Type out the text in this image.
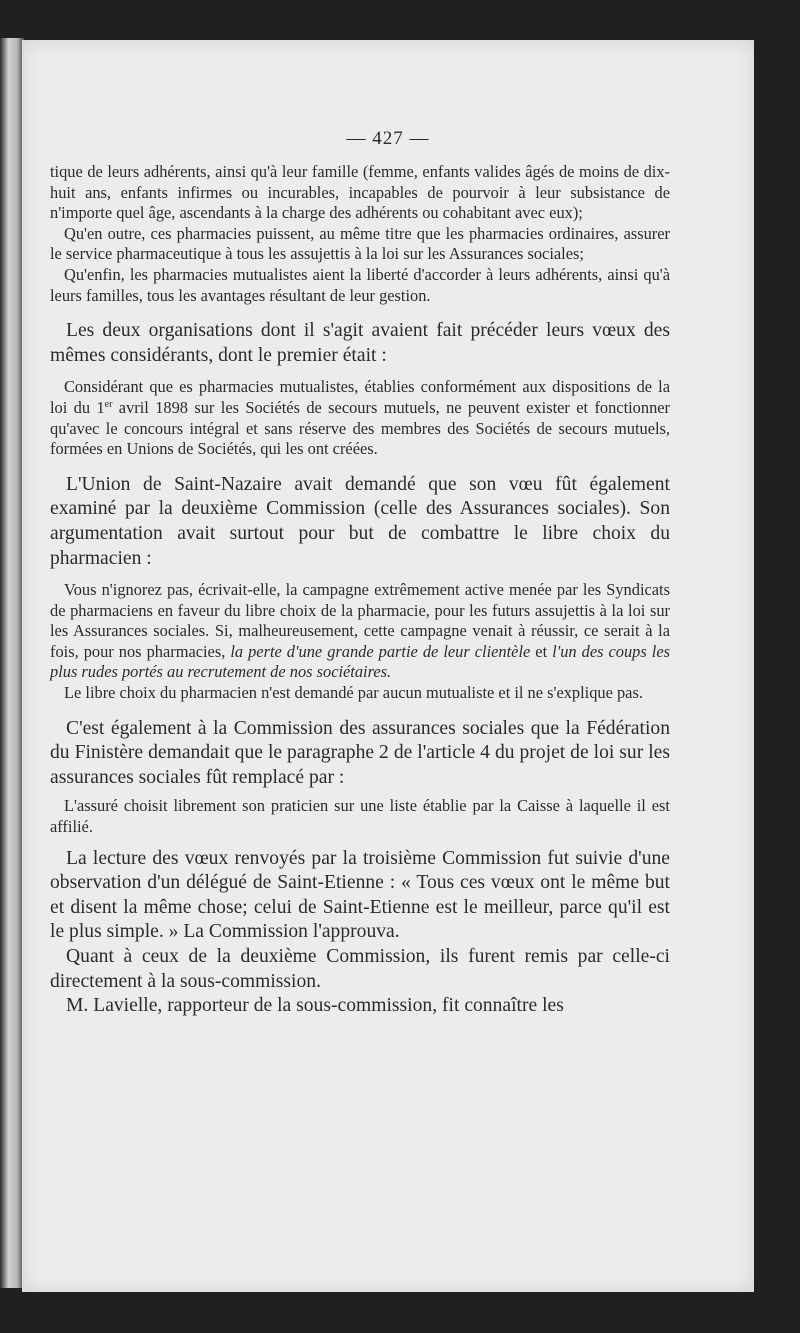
— 427 —

tique de leurs adhérents, ainsi qu'à leur famille (femme, enfants valides âgés de moins de dix-huit ans, enfants infirmes ou incurables, incapables de pourvoir à leur subsistance de n'importe quel âge, ascendants à la charge des adhérents ou cohabitant avec eux);

Qu'en outre, ces pharmacies puissent, au même titre que les pharmacies ordinaires, assurer le service pharmaceutique à tous les assujettis à la loi sur les Assurances sociales;

Qu'enfin, les pharmacies mutualistes aient la liberté d'accorder à leurs adhérents, ainsi qu'à leurs familles, tous les avantages résultant de leur gestion.

Les deux organisations dont il s'agit avaient fait précéder leurs vœux des mêmes considérants, dont le premier était :

Considérant que es pharmacies mutualistes, établies conformément aux dispositions de la loi du 1er avril 1898 sur les Sociétés de secours mutuels, ne peuvent exister et fonctionner qu'avec le concours intégral et sans réserve des membres des Sociétés de secours mutuels, formées en Unions de Sociétés, qui les ont créées.

L'Union de Saint-Nazaire avait demandé que son vœu fût également examiné par la deuxième Commission (celle des Assurances sociales). Son argumentation avait surtout pour but de combattre le libre choix du pharmacien :

Vous n'ignorez pas, écrivait-elle, la campagne extrêmement active menée par les Syndicats de pharmaciens en faveur du libre choix de la pharmacie, pour les futurs assujettis à la loi sur les Assurances sociales. Si, malheureusement, cette campagne venait à réussir, ce serait à la fois, pour nos pharmacies, la perte d'une grande partie de leur clientèle et l'un des coups les plus rudes portés au recrutement de nos sociétaires.

Le libre choix du pharmacien n'est demandé par aucun mutualiste et il ne s'explique pas.

C'est également à la Commission des assurances sociales que la Fédération du Finistère demandait que le paragraphe 2 de l'article 4 du projet de loi sur les assurances sociales fût remplacé par :

L'assuré choisit librement son praticien sur une liste établie par la Caisse à laquelle il est affilié.

La lecture des vœux renvoyés par la troisième Commission fut suivie d'une observation d'un délégué de Saint-Etienne : « Tous ces vœux ont le même but et disent la même chose; celui de Saint-Etienne est le meilleur, parce qu'il est le plus simple. » La Commission l'approuva.

Quant à ceux de la deuxième Commission, ils furent remis par celle-ci directement à la sous-commission.

M. Lavielle, rapporteur de la sous-commission, fit connaître les
